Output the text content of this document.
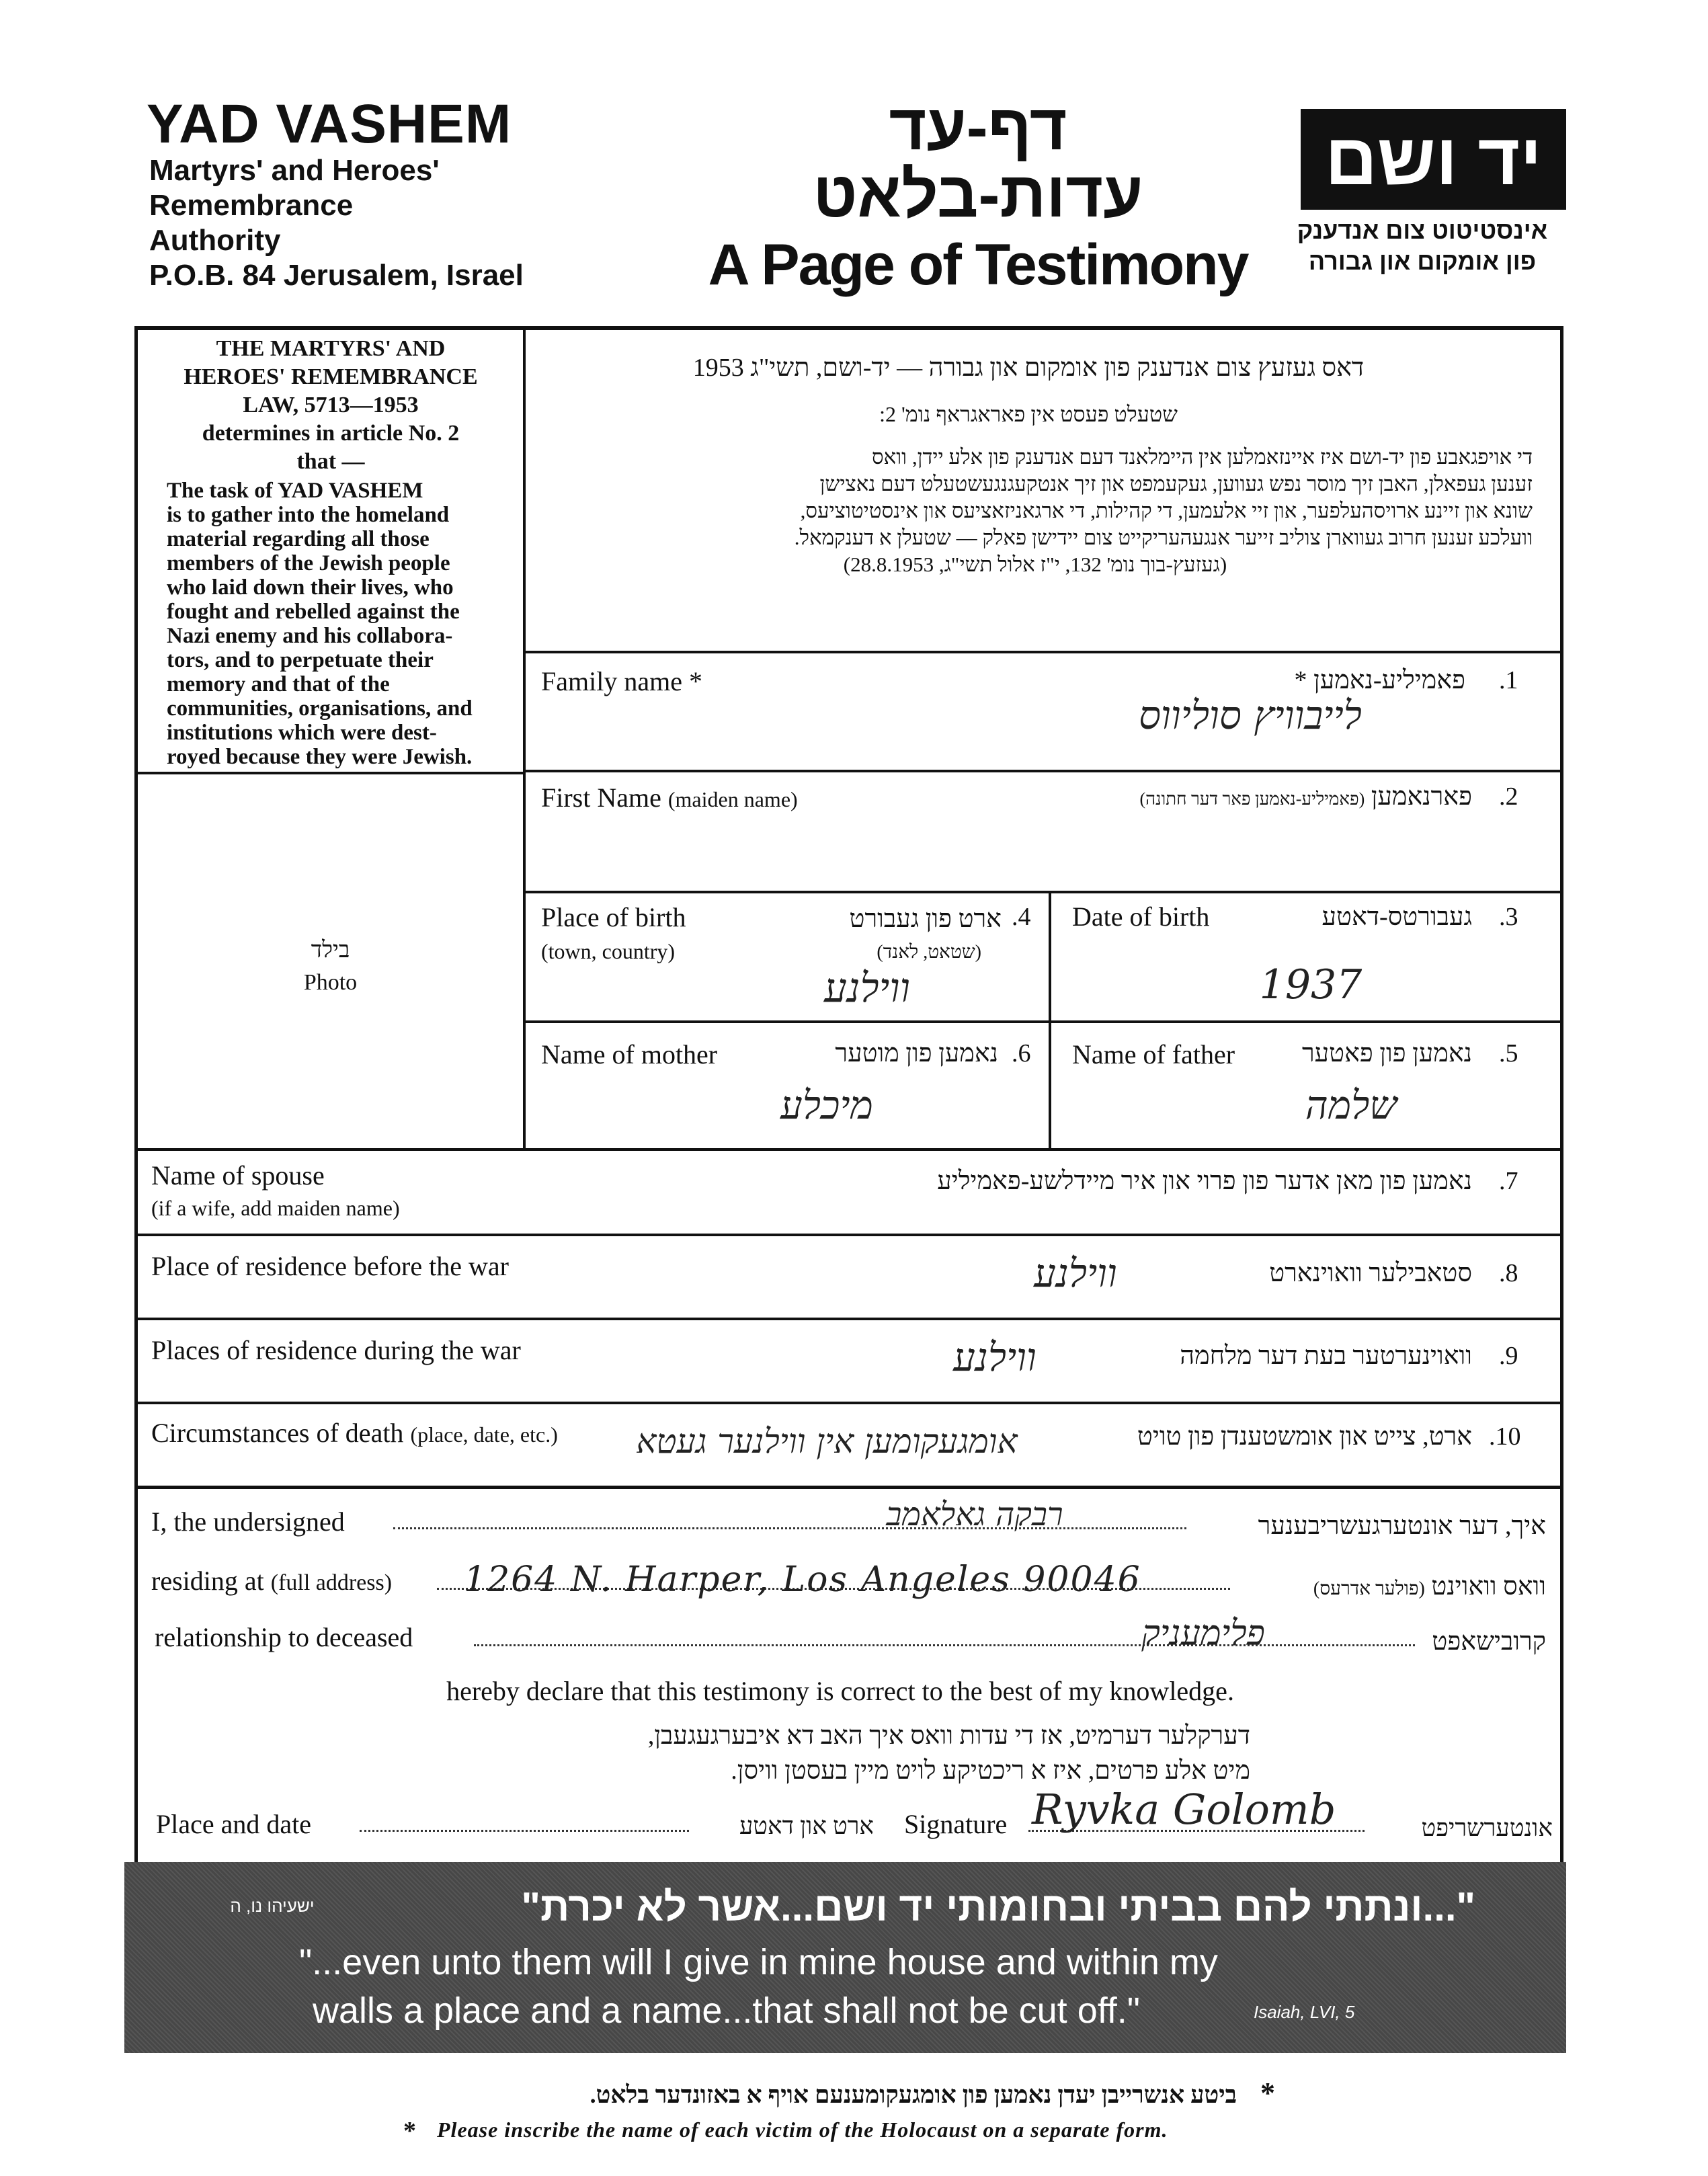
YAD VASHEM
Martyrs' and Heroes'
Remembrance
Authority
P.O.B. 84 Jerusalem, Israel
דף-עד
עדות-בלאט
A Page of Testimony
יד ושם
אינסטיטוט צום אנדענק
פון אומקום און גבורה
THE MARTYRS' AND
HEROES' REMEMBRANCE
LAW, 5713—1953
determines in article No. 2
that —
The task of YAD VASHEM
is to gather into the homeland
material regarding all those
members of the Jewish people
who laid down their lives, who
fought and rebelled against the
Nazi enemy and his collabora-
tors, and to perpetuate their
memory and that of the
communities, organisations, and
institutions which were dest-
royed because they were Jewish.
בילד
Photo
דאס געזעץ צום אנדענק פון אומקום און גבורה — יד-ושם, תשי"ג 1953
שטעלט פעסט אין פאראגראף נומ' 2:
די אויפגאבע פון יד-ושם איז איינזאמלען אין היימלאנד דעם אנדענק פון אלע יידן, וואס
זענען געפאלן, האבן זיך מוסר נפש געווען, געקעמפט און זיך אנטקעגנגעשטעלט דעם נאצישן
שונא און זיינע ארויסהעלפער, און זיי אלעמען, די קהילות, די ארגאניזאציעס און אינסטיטוציעס,
וועלכע זענען חרוב געווארן צוליב זייער אנגעהעריקייט צום יידישן פאלק — שטעלן א דענקמאל.
(געזעץ-בוך נומ' 132, י"ז אלול תשי"ג, 28.8.1953)
Family name *	פאמיליע-נאמען * .1
לייבוויץ סוליווס
First Name (maiden name)	פארנאמען (פאמיליע-נאמען פאר דער חתונה)	.2
Place of birth
(town, country)
ארט פון געבורט
(שטאט, לאנד)
.4
ווילנע
Date of birth	געבורטס-דאטע .3
1937
Name of mother	נאמען פון מוטער .6
מיכלע
Name of father	נאמען פון פאטער .5
שלמה
Name of spouse
(if a wife, add maiden name)
נאמען פון מאן אדער פון פרוי און איר מיידלשע-פאמיליע .7
Place of residence before the war	סטאבילער וואוינארט .8
ווילנע
Places of residence during the war	וואוינערטער בעת דער מלחמה .9
ווילנע
Circumstances of death (place, date, etc.)	ארט, צייט און אומשטענדן פון טויט .10
אומגעקומען אין ווילנער געטא
I, the undersigned	רבקה גאלאמב	איך, דער אונטערגעשריבענער
residing at (full address) 1264 N. Harper, Los Angeles 90046	וואס וואוינט (פולער אדרעס)
relationship to deceased	פלימעניק	קרובישאפט
hereby declare that this testimony is correct to the best of my knowledge.
דערקלער דערמיט, אז די עדות וואס איך האב דא איבערגעגעבן,
מיט אלע פרטים, איז א ריכטיקע לויט מיין בעסטן וויסן.
Place and date	ארט און דאטע Signature Ryvka Golomb	אונטערשריפט
"...ונתתי להם בביתי ובחומותי יד ושם...אשר לא יכרת"
ישעיהו נו, ה
"...even unto them will I give in mine house and within my
walls a place and a name...that shall not be cut off."	Isaiah, LVI, 5
*
ביטע אנשרייבן יעדן נאמען פון אומגעקומענעם אויף א באזונדער בלאט.
* Please inscribe the name of each victim of the Holocaust on a separate form.
